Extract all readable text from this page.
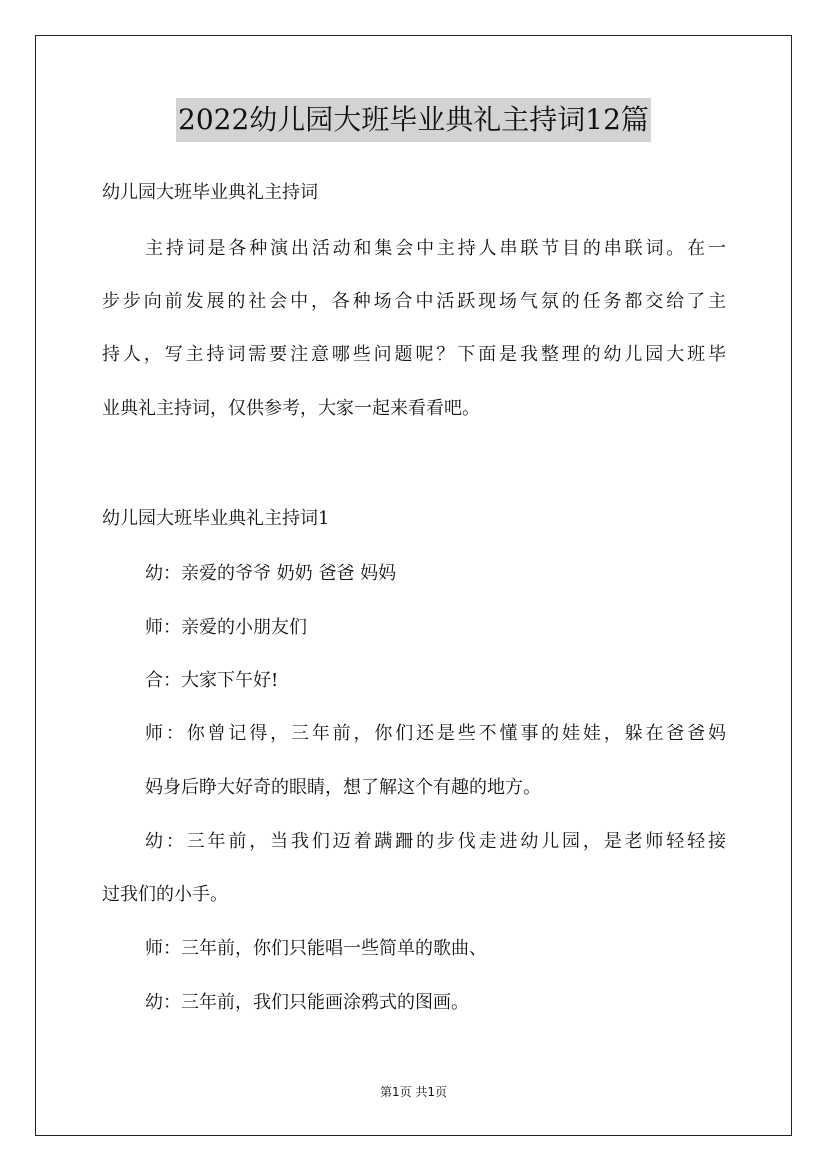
2022幼儿园大班毕业典礼主持词12篇

幼儿园大班毕业典礼主持词

主持词是各种演出活动和集会中主持人串联节目的串联词。在一

步步向前发展的社会中，各种场合中活跃现场气氛的任务都交给了主

持人，写主持词需要注意哪些问题呢？下面是我整理的幼儿园大班毕

业典礼主持词，仅供参考，大家一起来看看吧。

幼儿园大班毕业典礼主持词1

幼：亲爱的爷爷 奶奶 爸爸 妈妈

师：亲爱的小朋友们

合：大家下午好!

师：你曾记得，三年前，你们还是些不懂事的娃娃，躲在爸爸妈

妈身后睁大好奇的眼睛，想了解这个有趣的地方。

幼：三年前，当我们迈着蹒跚的步伐走进幼儿园，是老师轻轻接

过我们的小手。

师：三年前，你们只能唱一些简单的歌曲、

幼：三年前，我们只能画涂鸦式的图画。

第1页 共1页
